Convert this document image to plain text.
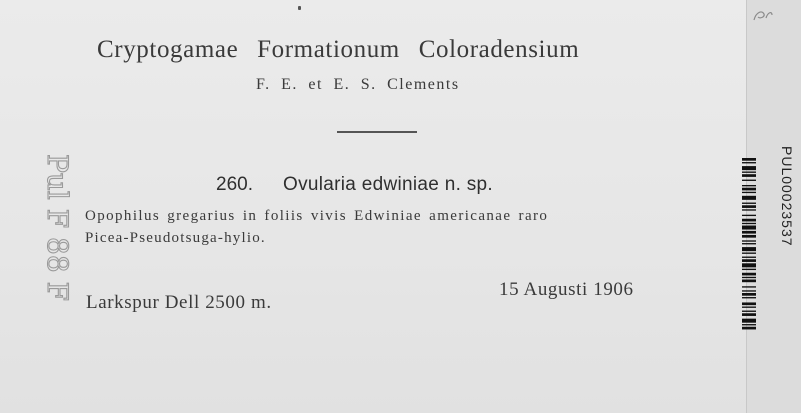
Cryptogamae Formationum Coloradensium
F. E. et E. S. Clements
260. Ovularia edwiniae n. sp.
Opophilus gregarius in foliis vivis Edwiniae americanae raro
Picea-Pseudotsuga-hylio.
Larkspur Dell 2500 m.
15 Augusti 1906
Pul F 88 F	PUL00023537
